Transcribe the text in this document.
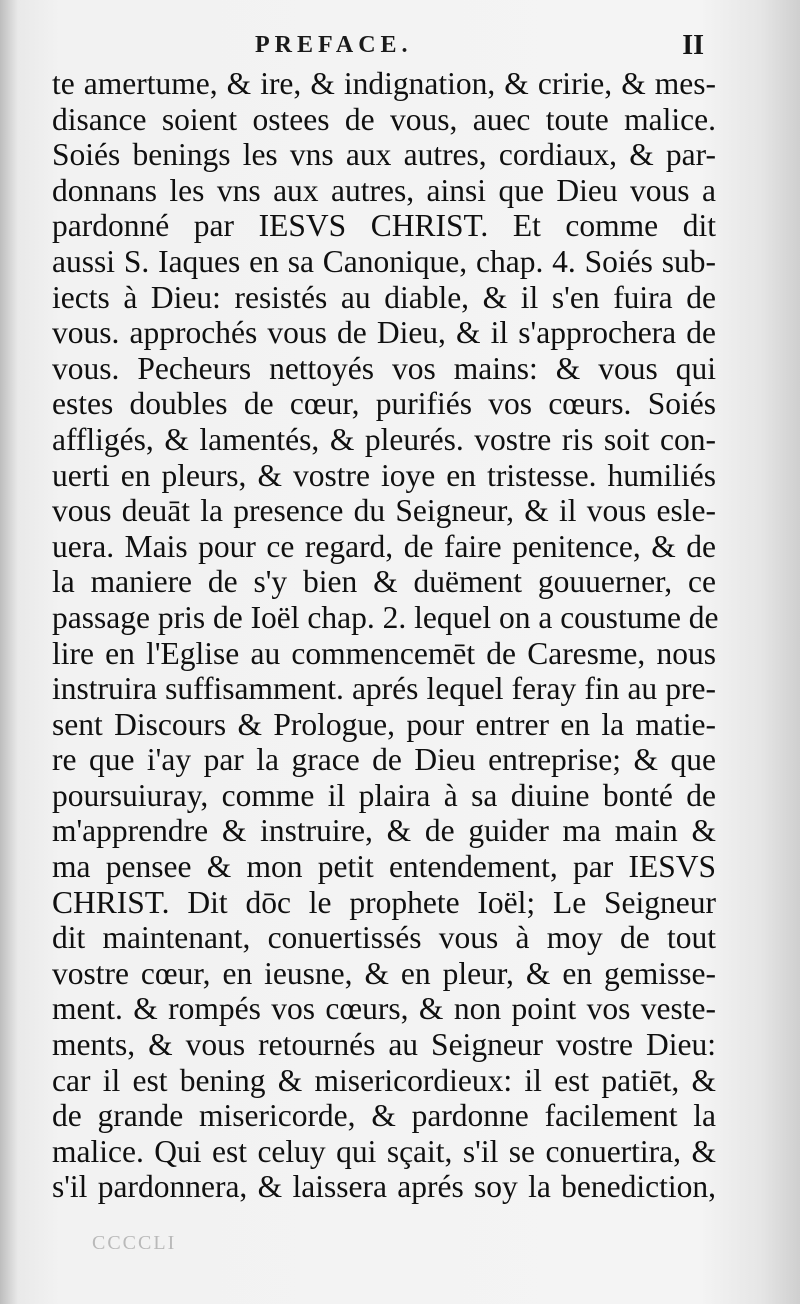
PREFACE.	II
te amertume, & ire, & indignation, & cririe, & mes-
disance soient ostees de vous, auec toute malice.
Soiés benings les vns aux autres, cordiaux, & par-
donnans les vns aux autres, ainsi que Dieu vous a
pardonné par IESVS CHRIST. Et comme dit
aussi S. Iaques en sa Canonique, chap. 4. Soiés sub-
iects à Dieu: resistés au diable, & il s'en fuira de
vous. approchés vous de Dieu, & il s'approchera de
vous. Pecheurs nettoyés vos mains: & vous qui
estes doubles de cœur, purifiés vos cœurs. Soiés
affligés, & lamentés, & pleurés. vostre ris soit con-
uerti en pleurs, & vostre ioye en tristesse. humiliés
vous deuāt la presence du Seigneur, & il vous esle-
uera. Mais pour ce regard, de faire penitence, & de
la maniere de s'y bien & duëment gouuerner, ce
passage pris de Ioël chap. 2. lequel on a coustume de
lire en l'Eglise au commencemēt de Caresme, nous
instruira suffisamment. aprés lequel feray fin au pre-
sent Discours & Prologue, pour entrer en la matie-
re que i'ay par la grace de Dieu entreprise; & que
poursuiuray, comme il plaira à sa diuine bonté de
m'apprendre & instruire, & de guider ma main &
ma pensee & mon petit entendement, par IESVS
CHRIST. Dit dōc le prophete Ioël; Le Seigneur
dit maintenant, conuertissés vous à moy de tout
vostre cœur, en ieusne, & en pleur, & en gemisse-
ment. & rompés vos cœurs, & non point vos veste-
ments, & vous retournés au Seigneur vostre Dieu:
car il est bening & misericordieux: il est patiēt, &
de grande misericorde, & pardonne facilement la
malice. Qui est celuy qui sçait, s'il se conuertira, &
s'il pardonnera, & laissera aprés soy la benediction,
CCCCLI
